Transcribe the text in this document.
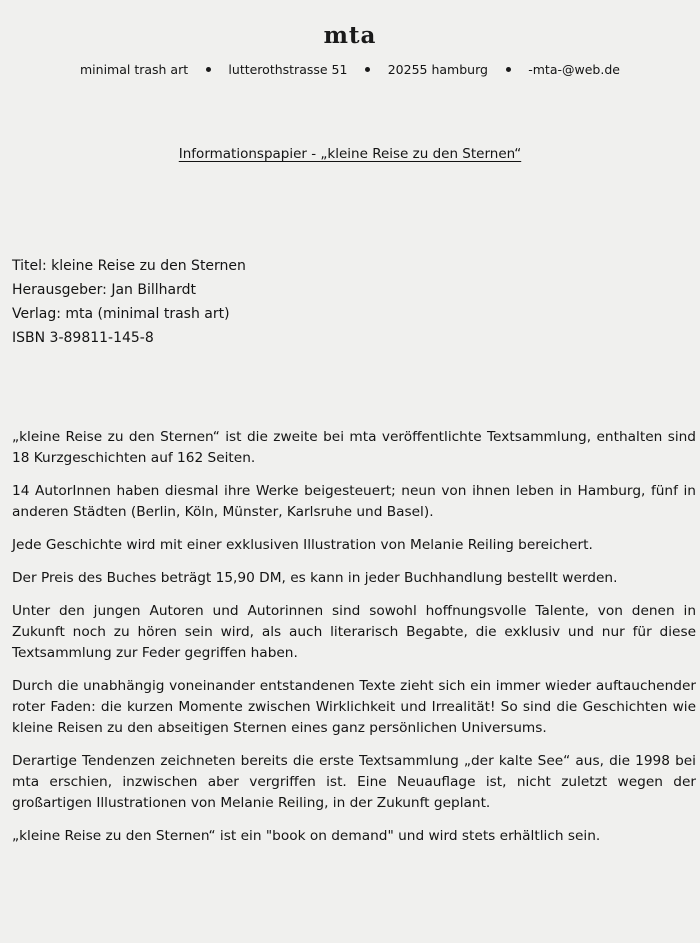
mta
minimal trash art	lutterothstrasse 51	20255 hamburg	-mta-@web.de
Informationspapier - „kleine Reise zu den Sternen“
Titel: kleine Reise zu den Sternen
Herausgeber: Jan Billhardt
Verlag: mta (minimal trash art)
ISBN 3-89811-145-8

„kleine Reise zu den Sternen“ ist die zweite bei mta veröffentlichte Textsammlung, enthalten sind 18 Kurzgeschichten auf 162 Seiten.

14 AutorInnen haben diesmal ihre Werke beigesteuert; neun von ihnen leben in Hamburg, fünf in anderen Städten (Berlin, Köln, Münster, Karlsruhe und Basel).

Jede Geschichte wird mit einer exklusiven Illustration von Melanie Reiling bereichert.

Der Preis des Buches beträgt 15,90 DM, es kann in jeder Buchhandlung bestellt werden.

Unter den jungen Autoren und Autorinnen sind sowohl hoffnungsvolle Talente, von denen in Zukunft noch zu hören sein wird, als auch literarisch Begabte, die exklusiv und nur für diese Textsammlung zur Feder gegriffen haben.

Durch die unabhängig voneinander entstandenen Texte zieht sich ein immer wieder auftauchender roter Faden: die kurzen Momente zwischen Wirklichkeit und Irrealität! So sind die Geschichten wie kleine Reisen zu den abseitigen Sternen eines ganz persönlichen Universums.

Derartige Tendenzen zeichneten bereits die erste Textsammlung „der kalte See“ aus, die 1998 bei mta erschien, inzwischen aber vergriffen ist. Eine Neuauflage ist, nicht zuletzt wegen der großartigen Illustrationen von Melanie Reiling, in der Zukunft geplant.

„kleine Reise zu den Sternen“ ist ein "book on demand" und wird stets erhältlich sein.
